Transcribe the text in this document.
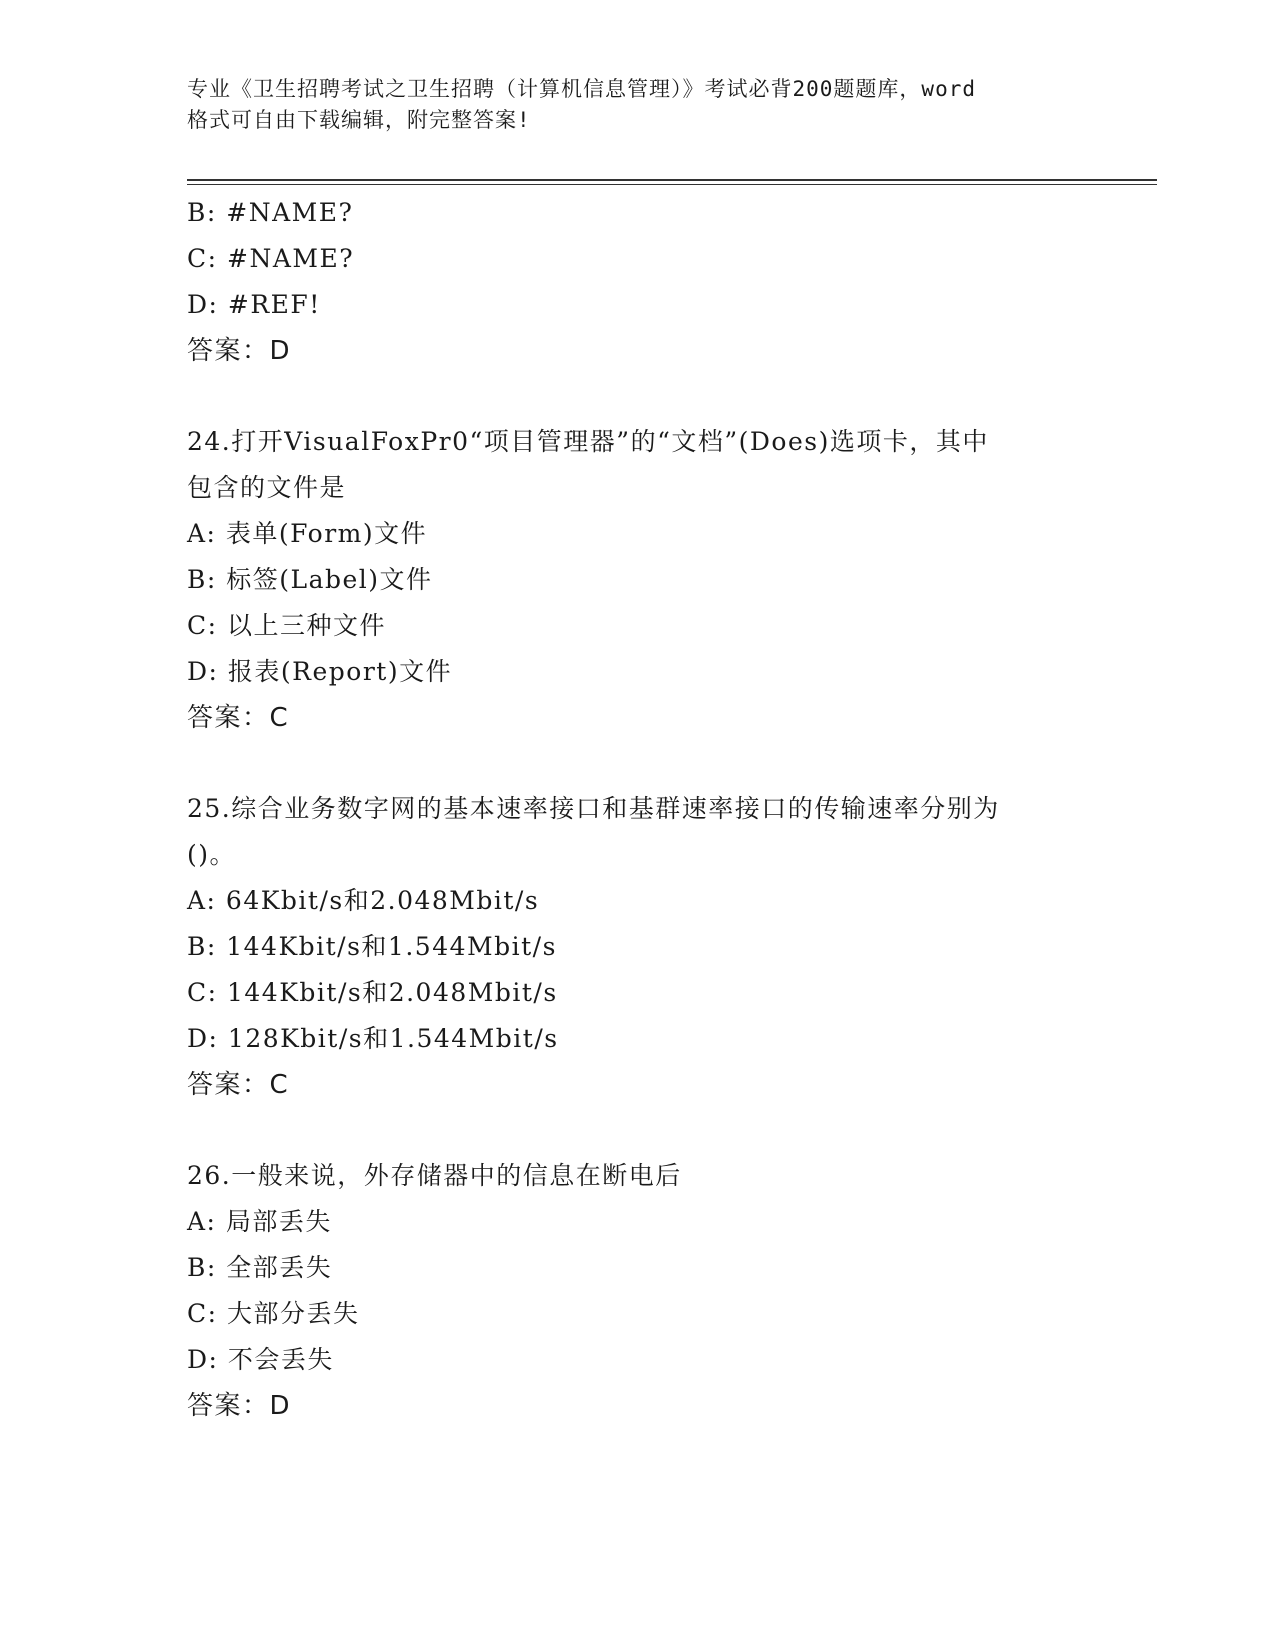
专业《卫生招聘考试之卫生招聘（计算机信息管理）》考试必背200题题库，word
格式可自由下载编辑，附完整答案!
B: #NAME?
C: #NAME?
D: #REF!
答案：D
24.打开VisualFoxPr0“项目管理器”的“文档”(Does)选项卡，其中
包含的文件是
A: 表单(Form)文件
B: 标签(Label)文件
C: 以上三种文件
D: 报表(Report)文件
答案：C
25.综合业务数字网的基本速率接口和基群速率接口的传输速率分别为
()。
A: 64Kbit/s和2.048Mbit/s
B: 144Kbit/s和1.544Mbit/s
C: 144Kbit/s和2.048Mbit/s
D: 128Kbit/s和1.544Mbit/s
答案：C
26.一般来说，外存储器中的信息在断电后
A: 局部丢失
B: 全部丢失
C: 大部分丢失
D: 不会丢失
答案：D
